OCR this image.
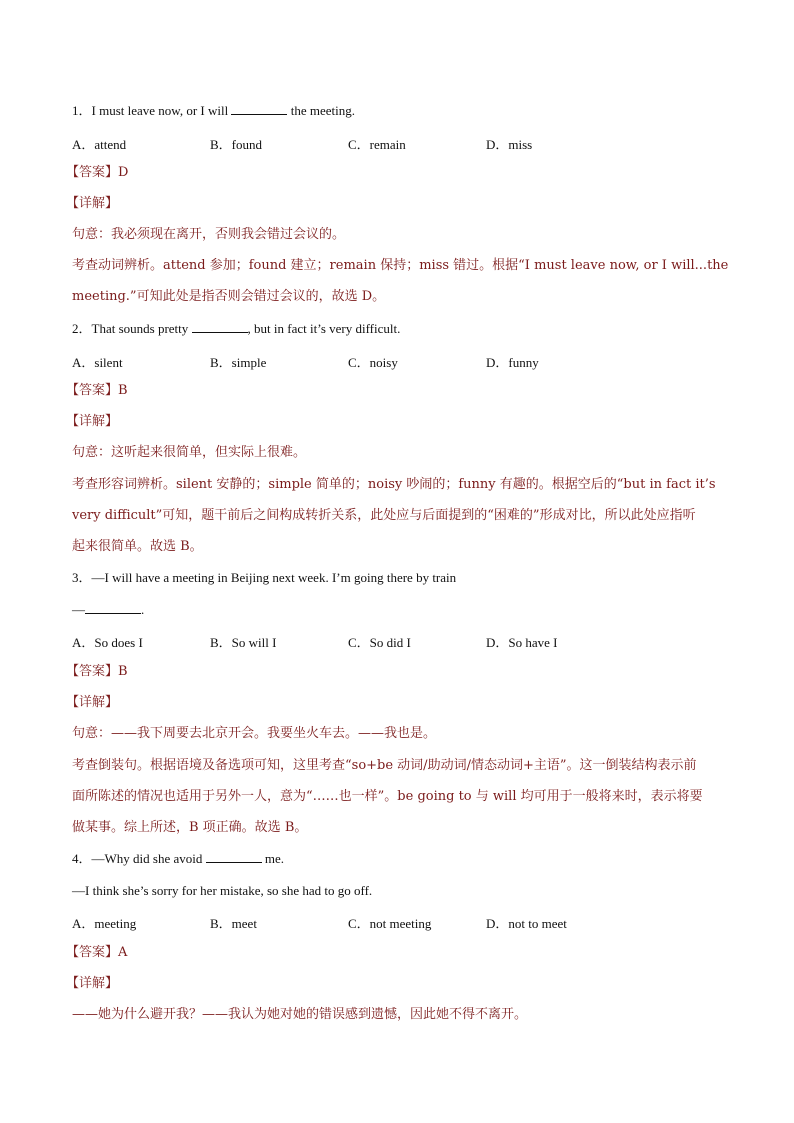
1．I must leave now, or I will	the meeting.
A．attend	B．found	C．remain	D．miss
【答案】D
【详解】
句意：我必须现在离开，否则我会错过会议的。
考查动词辨析。attend 参加；found 建立；remain 保持；miss 错过。根据“I must leave now, or I will...the
meeting.”可知此处是指否则会错过会议的，故选 D。
2．That sounds pretty	, but in fact it’s very difficult.
A．silent	B．simple	C．noisy	D．funny
【答案】B
【详解】
句意：这听起来很简单，但实际上很难。
考查形容词辨析。silent 安静的；simple 简单的；noisy 吵闹的；funny 有趣的。根据空后的“but in fact it’s
very difficult”可知，题干前后之间构成转折关系，此处应与后面提到的“困难的”形成对比，所以此处应指听
起来很简单。故选 B。
3．—I will have a meeting in Beijing next week. I’m going there by train
—	.
A．So does I	B．So will I	C．So did I	D．So have I
【答案】B
【详解】
句意：——我下周要去北京开会。我要坐火车去。——我也是。
考查倒装句。根据语境及备选项可知，这里考查“so+be 动词/助动词/情态动词+主语”。这一倒装结构表示前
面所陈述的情况也适用于另外一人，意为“……也一样”。be going to 与 will 均可用于一般将来时，表示将要
做某事。综上所述，B 项正确。故选 B。
4．—Why did she avoid	me.
—I think she’s sorry for her mistake, so she had to go off.
A．meeting	B．meet	C．not meeting	D．not to meet
【答案】A
【详解】
——她为什么避开我？——我认为她对她的错误感到遗憾，因此她不得不离开。
